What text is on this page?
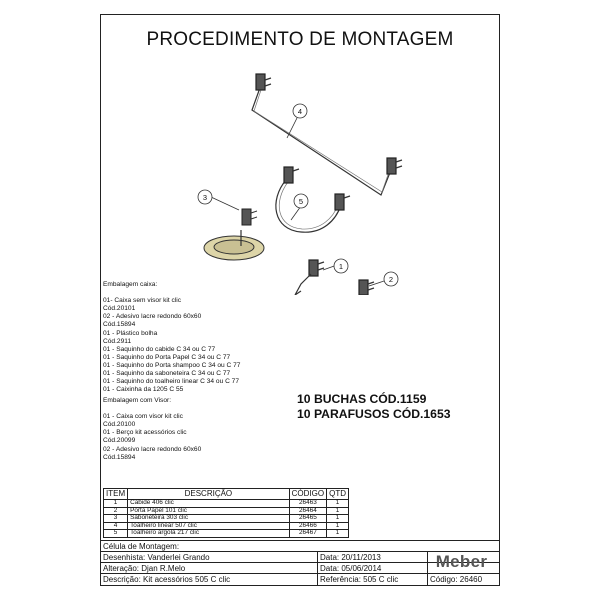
PROCEDIMENTO DE MONTAGEM
4
3	5
1
2
Embalagem caixa:
01- Caixa sem visor kit clic
Cód.20101
02 - Adesivo lacre redondo 60x60
Cód.15894
01 - Plástico bolha
Cód.2911
01 - Saquinho do cabide C 34 ou C 77
01 - Saquinho do Porta Papel C 34 ou C 77
01 - Saquinho do Porta shampoo C 34 ou C 77
01 - Saquinho da saboneteira C 34 ou C 77
01 - Saquinho do toalheiro linear C 34 ou C 77
01 - Caixinha da 1205 C 55
Embalagem com Visor:
01 - Caixa com visor kit clic
Cód.20100
01 - Berço kit acessórios clic
Cód.20099
02 - Adesivo lacre redondo 60x60
Cód.15894
10 BUCHAS CÓD.1159
10 PARAFUSOS CÓD.1653
ITEM	DESCRIÇÃO	CÓDIGO	QTD
1	Cabide 406 clic	26463	1
2	Porta Papel 101 clic	26464	1
3	Saboneteira 303 clic	26465	1
4	Toalheiro linear 507 clic	26466	1
5	Toalheiro argola 217 clic	26467	1
Célula de Montagem:
Desenhista: Vanderlei Grando	Data: 20/11/2013
Alteração: Djan R.Melo	Data: 05/06/2014
Descrição: Kit acessórios 505 C clic	Referência: 505 C clic	Código: 26460
Meber
